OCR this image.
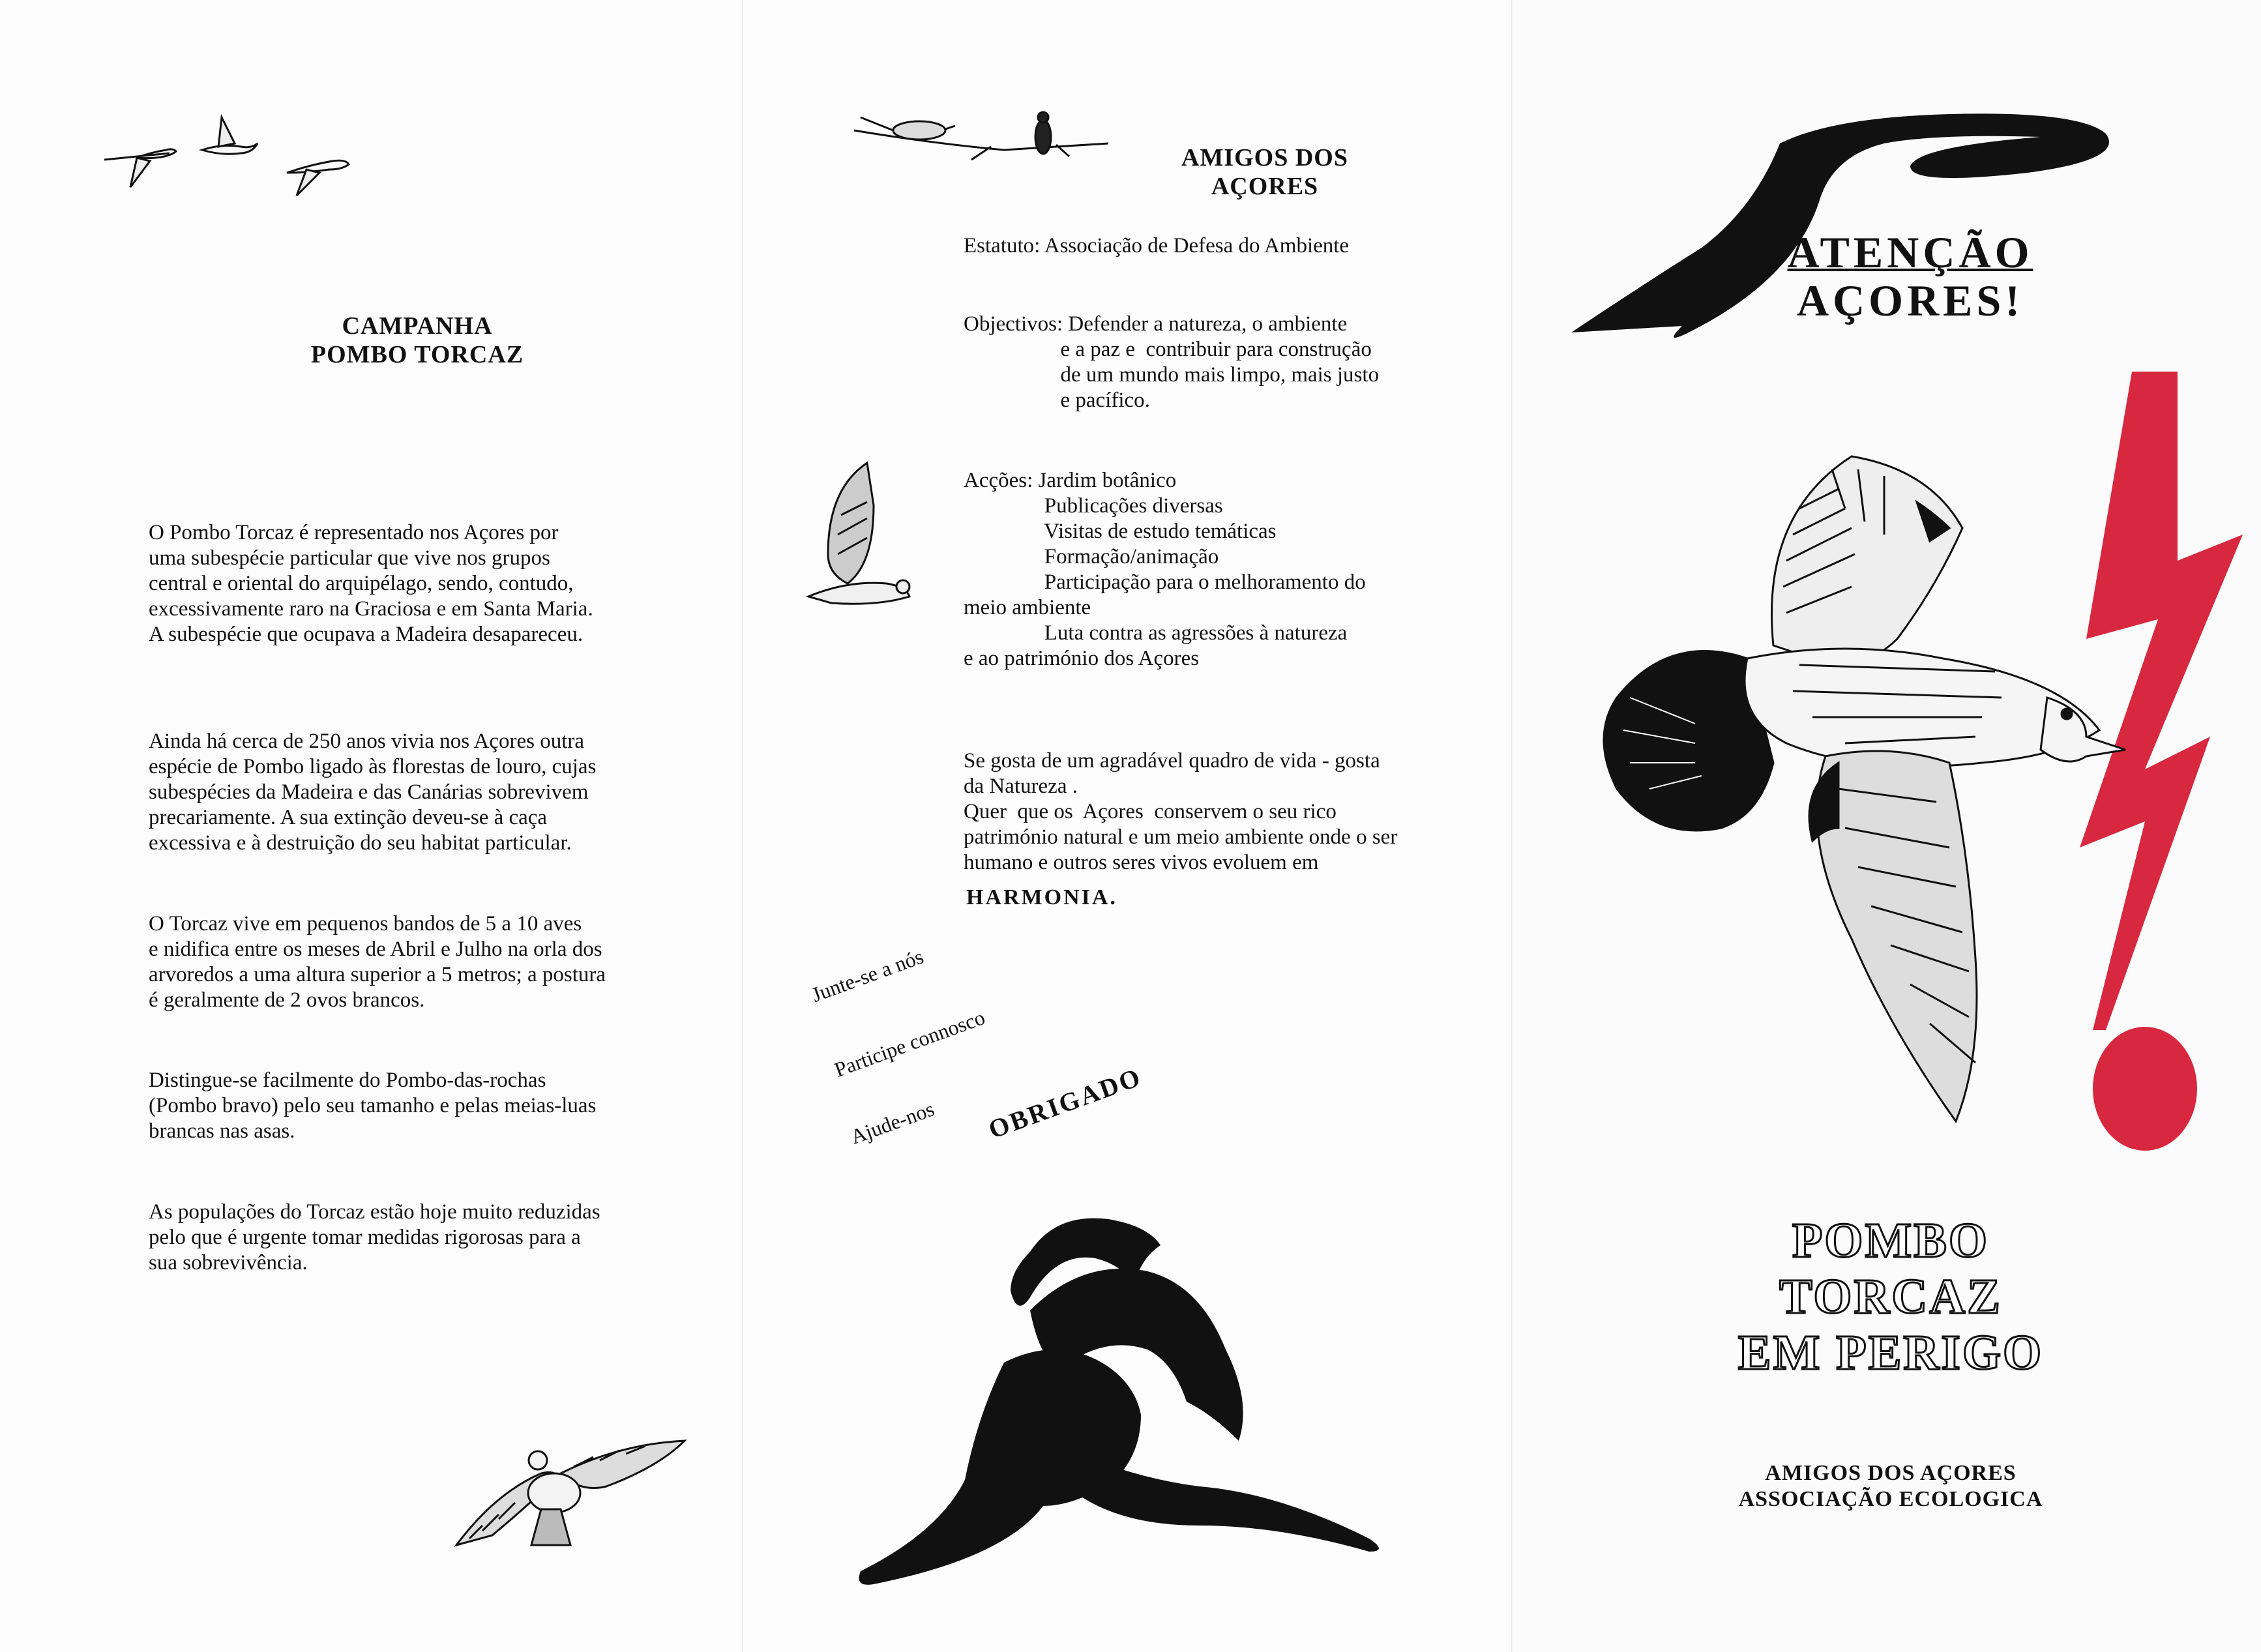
CAMPANHA
POMBO TORCAZ

O Pombo Torcaz é representado nos Açores por
uma subespécie particular que vive nos grupos
central e oriental do arquipélago, sendo, contudo,
excessivamente raro na Graciosa e em Santa Maria.
A subespécie que ocupava a Madeira desapareceu.

Ainda há cerca de 250 anos vivia nos Açores outra
espécie de Pombo ligado às florestas de louro, cujas
subespécies da Madeira e das Canárias sobrevivem
precariamente. A sua extinção deveu-se à caça
excessiva e à destruição do seu habitat particular.

O Torcaz vive em pequenos bandos de 5 a 10 aves
e nidifica entre os meses de Abril e Julho na orla dos
arvoredos a uma altura superior a 5 metros; a postura
é geralmente de 2 ovos brancos.

Distingue-se facilmente do Pombo-das-rochas
(Pombo bravo) pelo seu tamanho e pelas meias-luas
brancas nas asas.

As populações do Torcaz estão hoje muito reduzidas
pelo que é urgente tomar medidas rigorosas para a
sua sobrevivência.

AMIGOS DOS
AÇORES

Estatuto: Associação de Defesa do Ambiente

Objectivos: Defender a natureza, o ambiente
e a paz e  contribuir para construção
de um mundo mais limpo, mais justo
e pacífico.

Acções: Jardim botânico
Publicações diversas
Visitas de estudo temáticas
Formação/animação
Participação para o melhoramento do
meio ambiente
Luta contra as agressões à natureza
e ao património dos Açores

Se gosta de um agradável quadro de vida - gosta
da Natureza .
Quer  que os  Açores  conservem o seu rico
património natural e um meio ambiente onde o ser
humano e outros seres vivos evoluem em

HARMONIA.
Junte-se a nós
Participe connosco
Ajude-nos OBRIGADO
ATENÇÃO
AÇORES!
POMBO
TORCAZ
EM PERIGO
AMIGOS DOS AÇORES
ASSOCIAÇÃO ECOLOGICA
